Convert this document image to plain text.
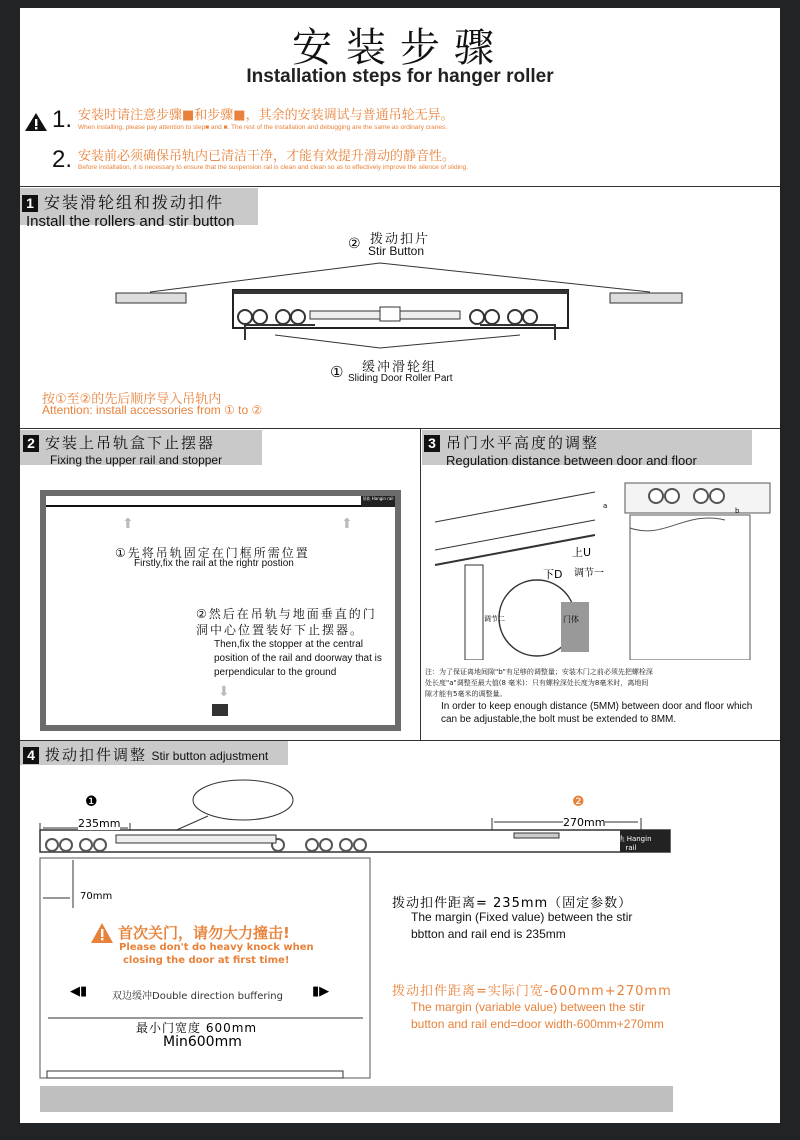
安装步骤
Installation steps for hanger roller
1. 安装时请注意步骤■和步骤■，其余的安装调试与普通吊轮无异。
When installing, please pay attention to step■ and ■. The rest of the installation and debugging are the same as ordinary cranes.
2. 安装前必须确保吊轨内已清洁干净，才能有效提升滑动的静音性。
Before installation, it is necessary to ensure that the suspension rail is clean and clean so as to effectively improve the silence of sliding.
1 安装滑轮组和拨动扣件
Install the rollers and stir button
② 拨动扣片
Stir Button
① 缓冲滑轮组
Sliding Door Roller Part
按①至②的先后顺序导入吊轨内
Attention: install accessories from ① to ②
2 安装上吊轨盒下止摆器
Fixing the upper rail and stopper
吊轨 Hangin rail
⬆	⬆
⬇
①先将吊轨固定在门框所需位置
Firstly,fix the rail at the rightr postion
②然后在吊轨与地面垂直的门洞中心位置装好下止摆器。
Then,fix the stopper at the central position of the rail and doorway that is perpendicular to the ground
3 吊门水平高度的调整
Regulation distance between door and floor
a
b
上U
下D 调节一
调节二	门体
注：为了保证离地间隙"b"有足够的调整量；安装木门之前必须先把螺栓深处长度"a"调整至最大值(8 毫米)：只有螺栓深处长度为8毫米时，离地间隙才能有5毫米的调整量。
In order to keep enough distance (5MM) between door and floor which can be adjustable,the bolt must be extended to 8MM.
4 拨动扣件调整 Stir button adjustment
❶	❷
235mm	270mm
70mm
吊轨 Hangin rail
首次关门，请勿大力撞击!
Please don't do heavy knock when
closing the door at first time!
◀▮	▮▶
双边缓冲Double direction buffering
最小门宽度 600mm
Min600mm
拨动扣件距离= 235mm（固定参数）
The margin (Fixed value) between the stir
bbtton and rail end is 235mm
拨动扣件距离=实际门宽-600mm+270mm
The margin (variable value) between the stir
button and rail end=door width-600mm+270mm
